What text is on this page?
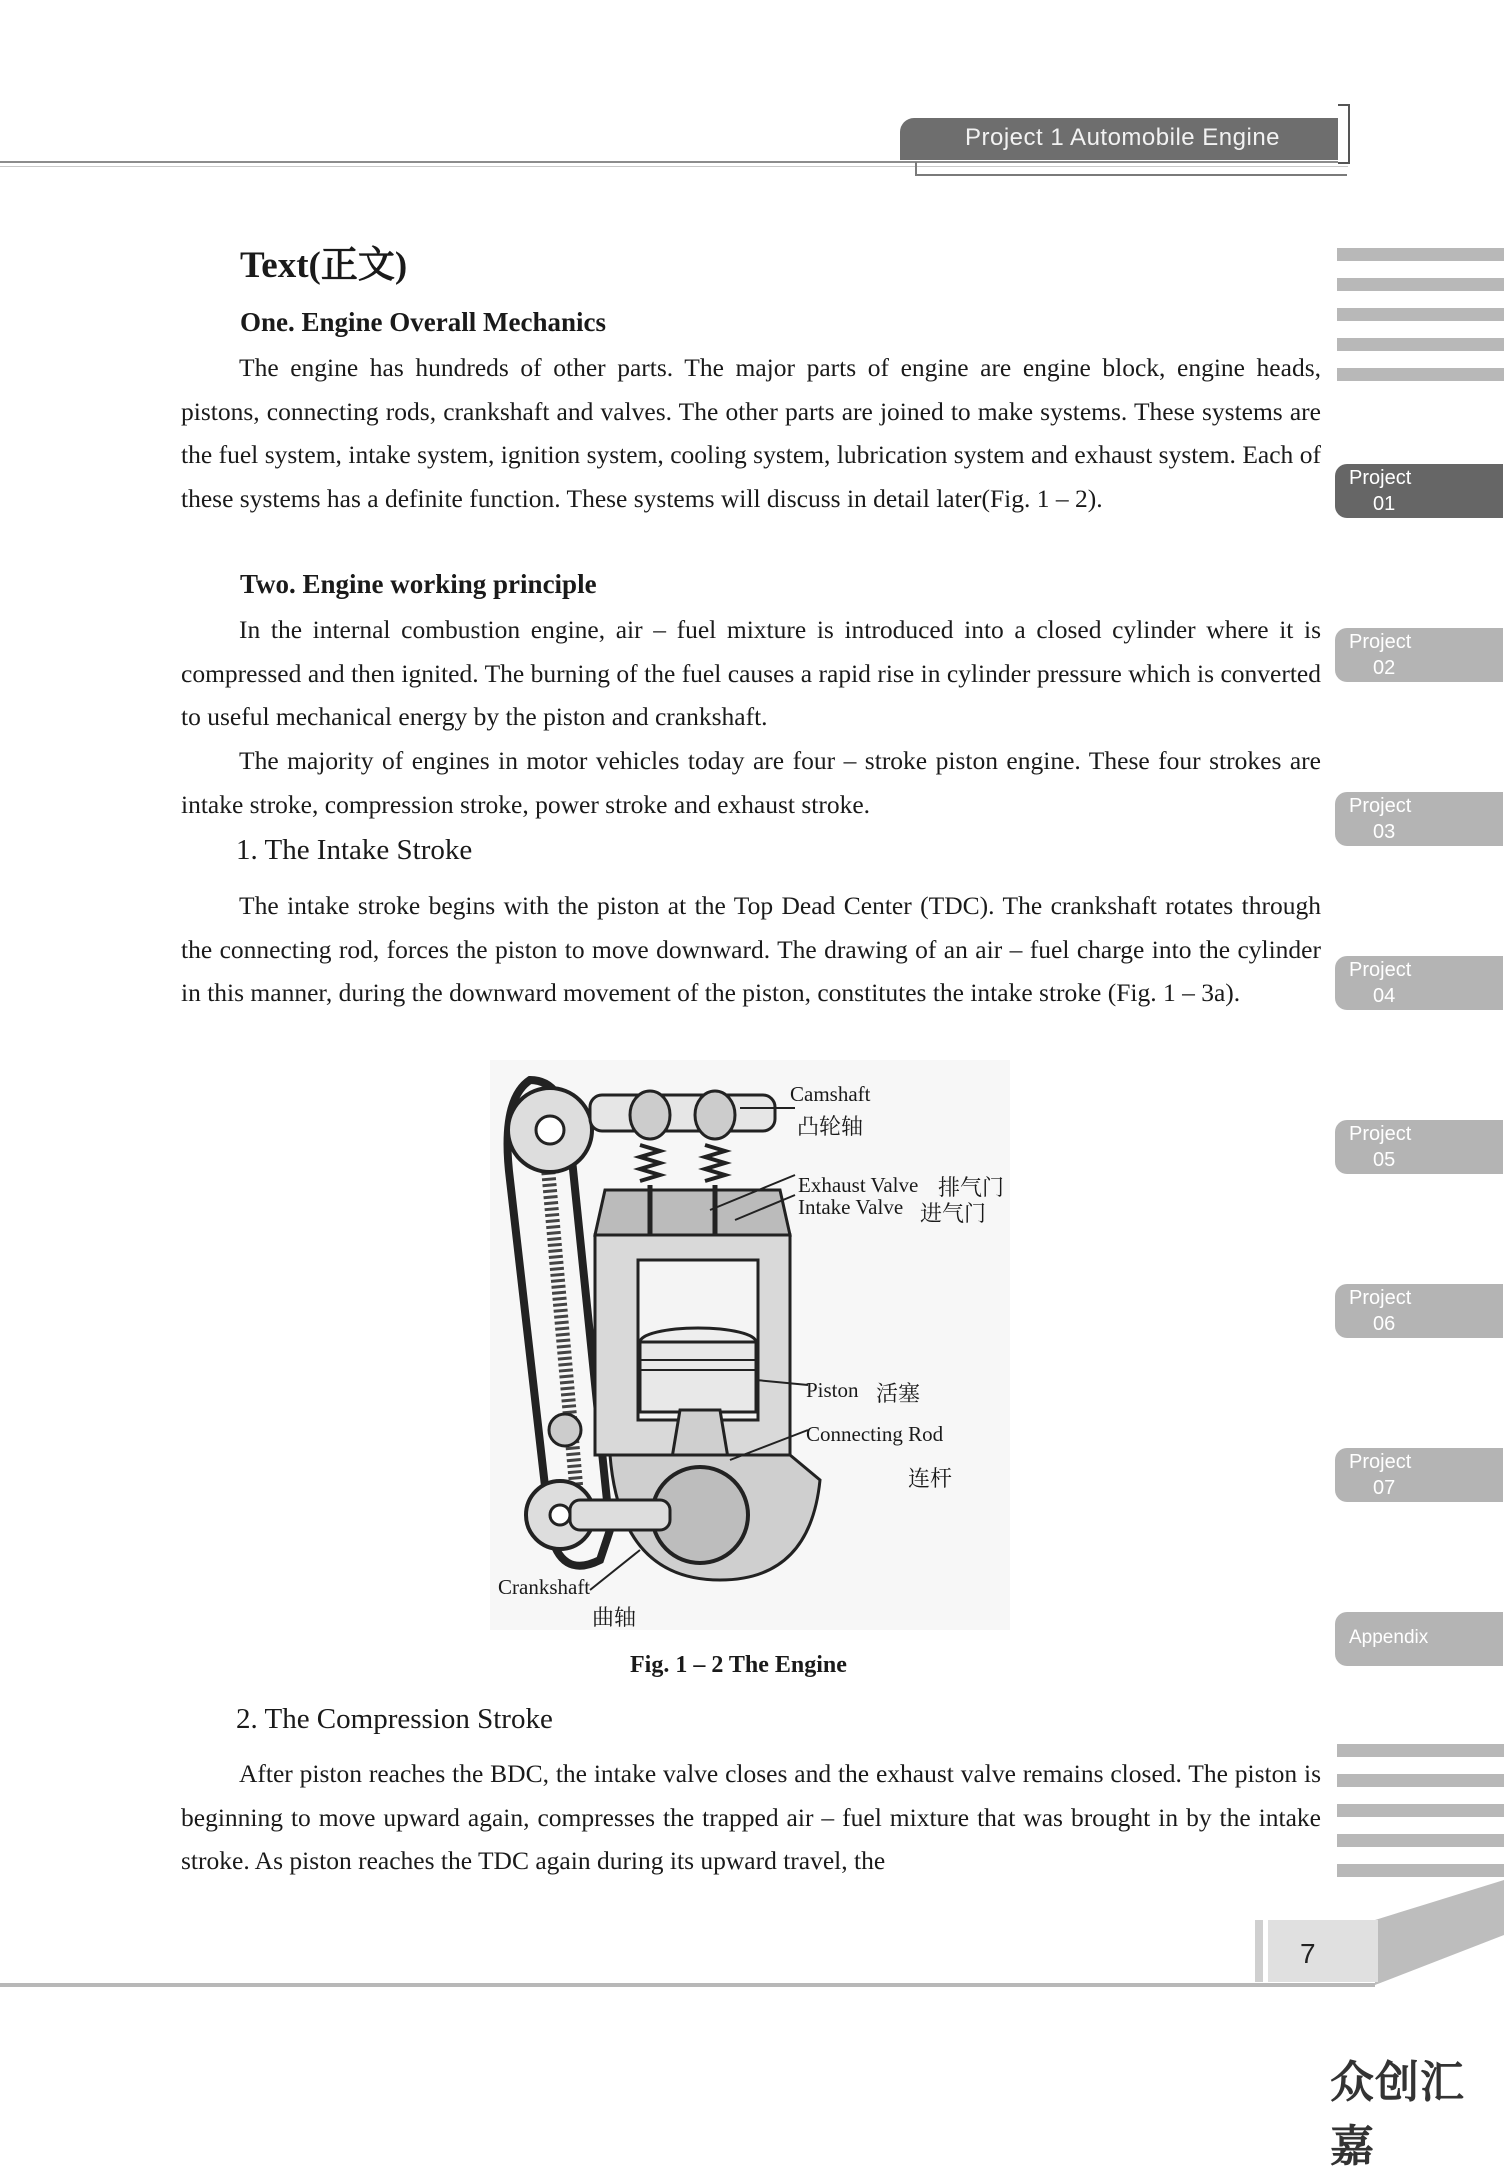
Project 1 Automobile Engine
Project
01
Project
02
Project
03
Project
04
Project
05
Project
06
Project
07
Appendix
Text(正文)
One. Engine Overall Mechanics
The engine has hundreds of other parts. The major parts of engine are engine block, engine heads, pistons, connecting rods, crankshaft and valves. The other parts are joined to make systems. These systems are the fuel system, intake system, ignition system, cooling system, lubrication system and exhaust system. Each of these systems has a definite function. These systems will discuss in detail later(Fig. 1 – 2).
Two. Engine working principle
In the internal combustion engine, air – fuel mixture is introduced into a closed cylinder where it is compressed and then ignited. The burning of the fuel causes a rapid rise in cylinder pressure which is converted to useful mechanical energy by the piston and crankshaft.
The majority of engines in motor vehicles today are four – stroke piston engine. These four strokes are intake stroke, compression stroke, power stroke and exhaust stroke.
1. The Intake Stroke
The intake stroke begins with the piston at the Top Dead Center (TDC). The crankshaft rotates through the connecting rod, forces the piston to move downward. The drawing of an air – fuel charge into the cylinder in this manner, during the downward movement of the piston, constitutes the intake stroke (Fig. 1 – 3a).
Camshaft
凸轮轴
Exhaust Valve 排气门
Intake Valve 进气门
Piston 活塞
Connecting Rod
连杆
Crankshaft
曲轴
Fig. 1 – 2 The Engine
2. The Compression Stroke
After piston reaches the BDC, the intake valve closes and the exhaust valve remains closed. The piston is beginning to move upward again, compresses the trapped air – fuel mixture that was brought in by the intake stroke. As piston reaches the TDC again during its upward travel, the
7
众创汇嘉
